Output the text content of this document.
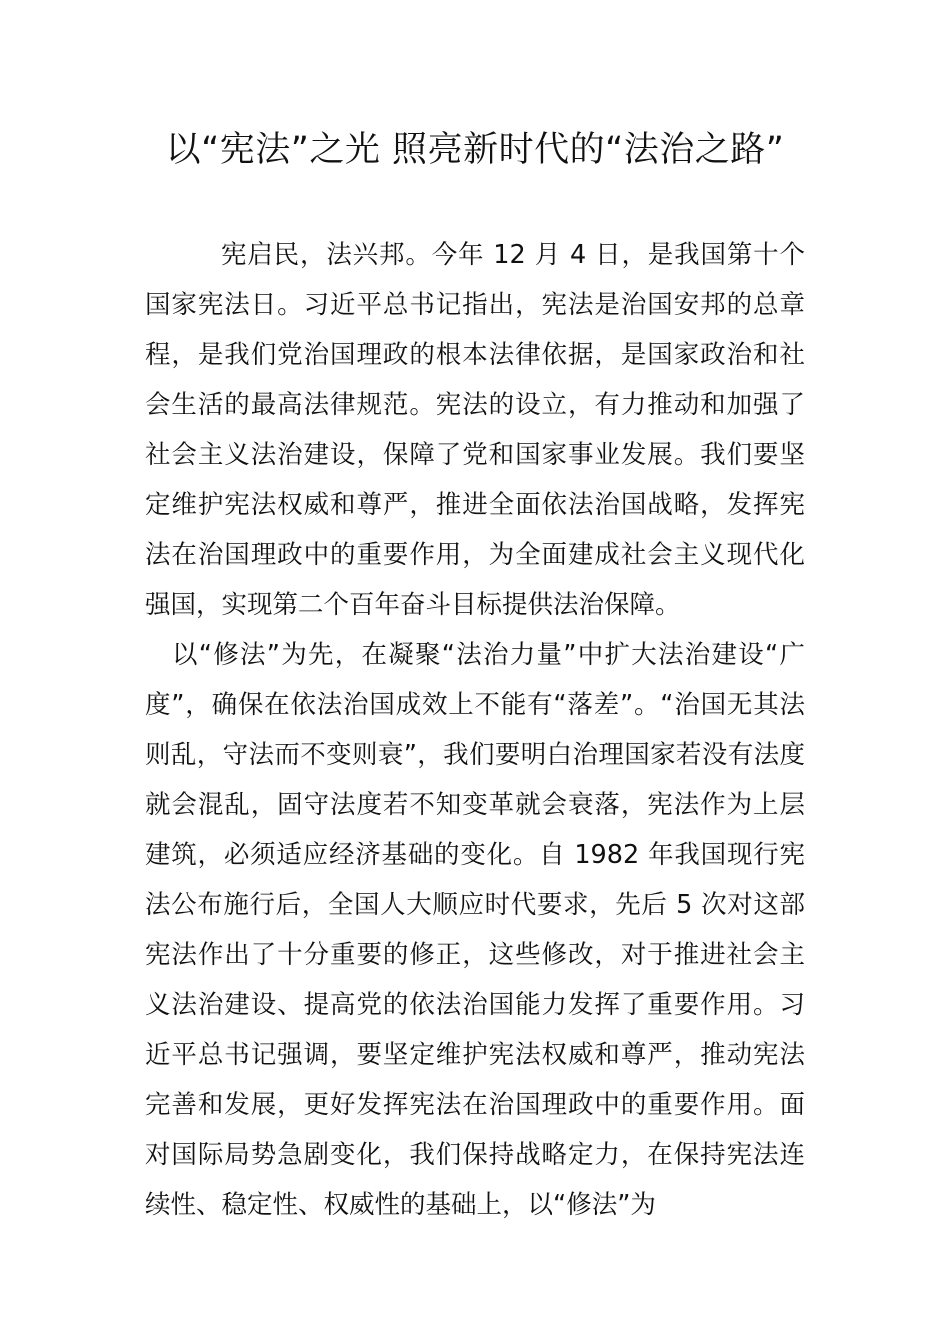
以“宪法”之光 照亮新时代的“法治之路”

宪启民，法兴邦。今年 12 月 4 日，是我国第十个国家宪法日。习近平总书记指出，宪法是治国安邦的总章程，是我们党治国理政的根本法律依据，是国家政治和社会生活的最高法律规范。宪法的设立，有力推动和加强了社会主义法治建设，保障了党和国家事业发展。我们要坚定维护宪法权威和尊严，推进全面依法治国战略，发挥宪法在治国理政中的重要作用，为全面建成社会主义现代化强国，实现第二个百年奋斗目标提供法治保障。

以“修法”为先，在凝聚“法治力量”中扩大法治建设“广度”，确保在依法治国成效上不能有“落差”。“治国无其法则乱，守法而不变则衰”，我们要明白治理国家若没有法度就会混乱，固守法度若不知变革就会衰落，宪法作为上层建筑，必须适应经济基础的变化。自 1982 年我国现行宪法公布施行后，全国人大顺应时代要求，先后 5 次对这部宪法作出了十分重要的修正，这些修改，对于推进社会主义法治建设、提高党的依法治国能力发挥了重要作用。习近平总书记强调，要坚定维护宪法权威和尊严，推动宪法完善和发展，更好发挥宪法在治国理政中的重要作用。面对国际局势急剧变化，我们保持战略定力，在保持宪法连续性、稳定性、权威性的基础上，以“修法”为
